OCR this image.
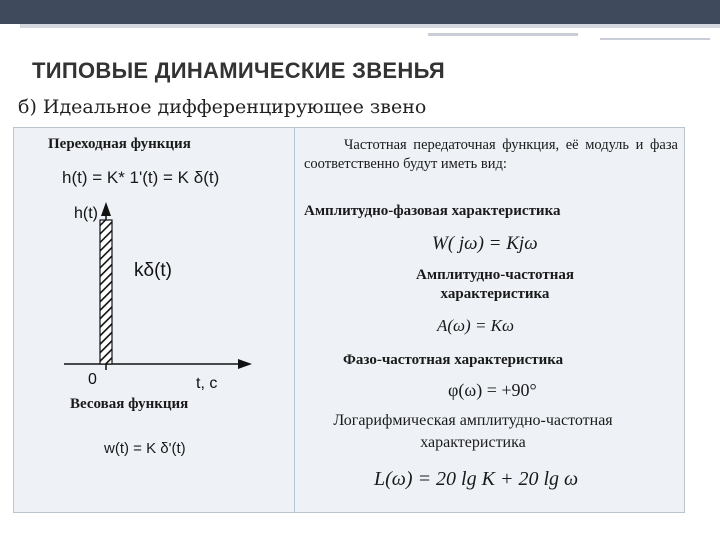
ТИПОВЫЕ ДИНАМИЧЕСКИЕ ЗВЕНЬЯ
б) Идеальное дифференцирующее звено
Переходная функция
h(t) = K* 1'(t) = K δ(t)
h(t)
kδ(t)
0	t, c
Весовая функция
w(t) = K δ'(t)

Частотная передаточная функция, её модуль и фаза соответственно будут иметь вид:

Амплитудно-фазовая характеристика
W( jω) = Kjω
Амплитудно-частотная характеристика
A(ω) = Kω
Фазо-частотная характеристика
φ(ω) = +90°
Логарифмическая амплитудно-частотная характеристика
L(ω) = 20 lg K + 20 lg ω
